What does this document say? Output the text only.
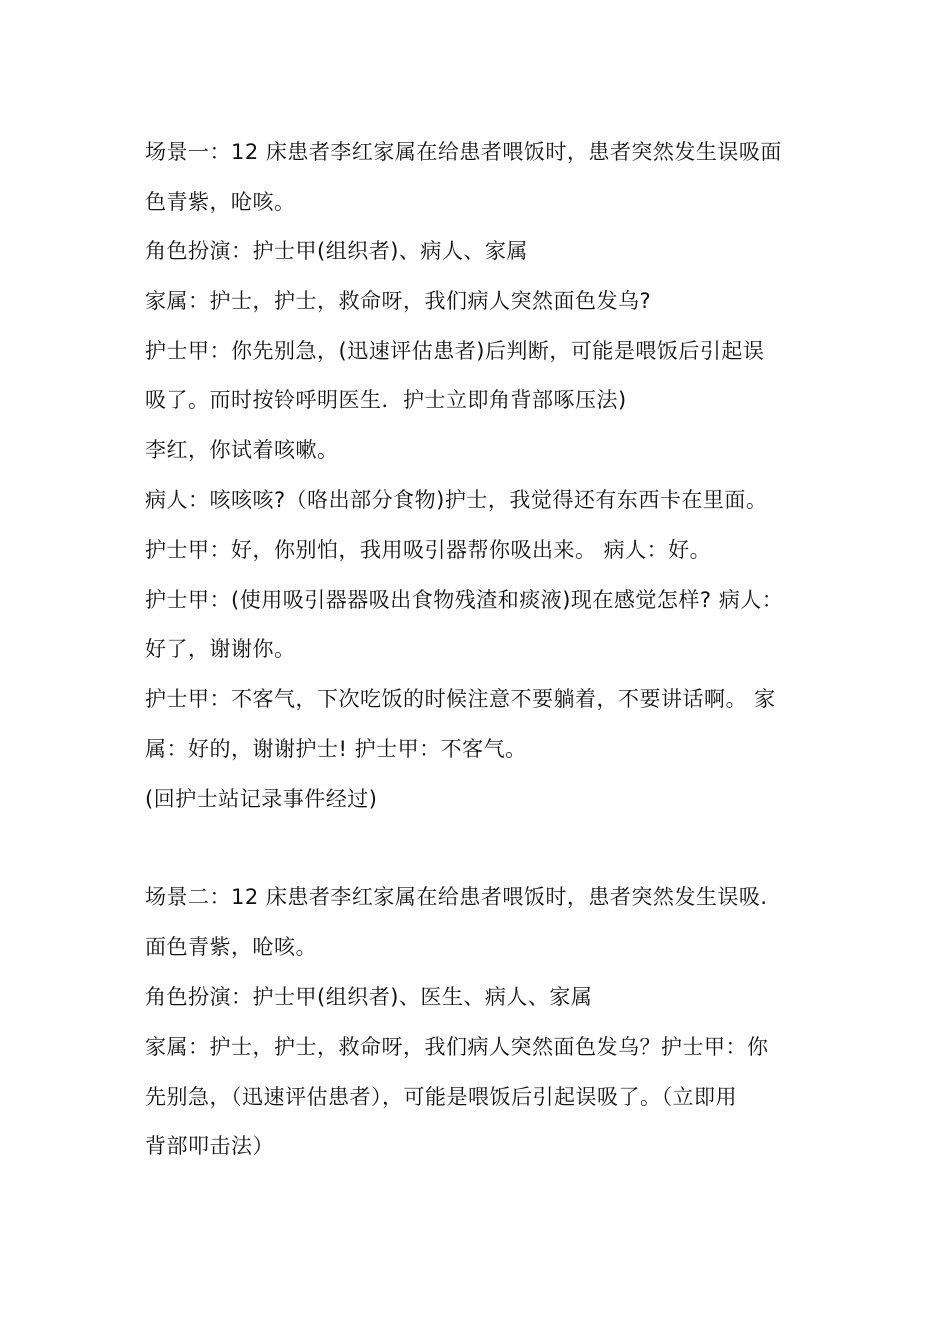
场景一：12 床患者李红家属在给患者喂饭时，患者突然发生误吸面
色青紫，呛咳。
角色扮演：护士甲(组织者)、病人、家属
家属：护士，护士，救命呀，我们病人突然面色发乌?
护士甲：你先别急，(迅速评估患者)后判断，可能是喂饭后引起误
吸了。而时按铃呼明医生．护士立即角背部啄压法)
李红，你试着咳嗽。
病人：咳咳咳?（咯出部分食物)护士，我觉得还有东西卡在里面。
护士甲：好，你别怕，我用吸引器帮你吸出来。 病人：好。
护士甲：(使用吸引器器吸出食物残渣和痰液)现在感觉怎样? 病人：
好了，谢谢你。
护士甲：不客气，下次吃饭的时候注意不要躺着，不要讲话啊。 家
属：好的，谢谢护士! 护士甲：不客气。
(回护士站记录事件经过)
场景二：12 床患者李红家属在给患者喂饭时，患者突然发生误吸.
面色青紫，呛咳。
角色扮演：护士甲(组织者)、医生、病人、家属
家属：护士，护士，救命呀，我们病人突然面色发乌？护士甲：你
先别急，（迅速评估患者），可能是喂饭后引起误吸了。（立即用
背部叩击法）
